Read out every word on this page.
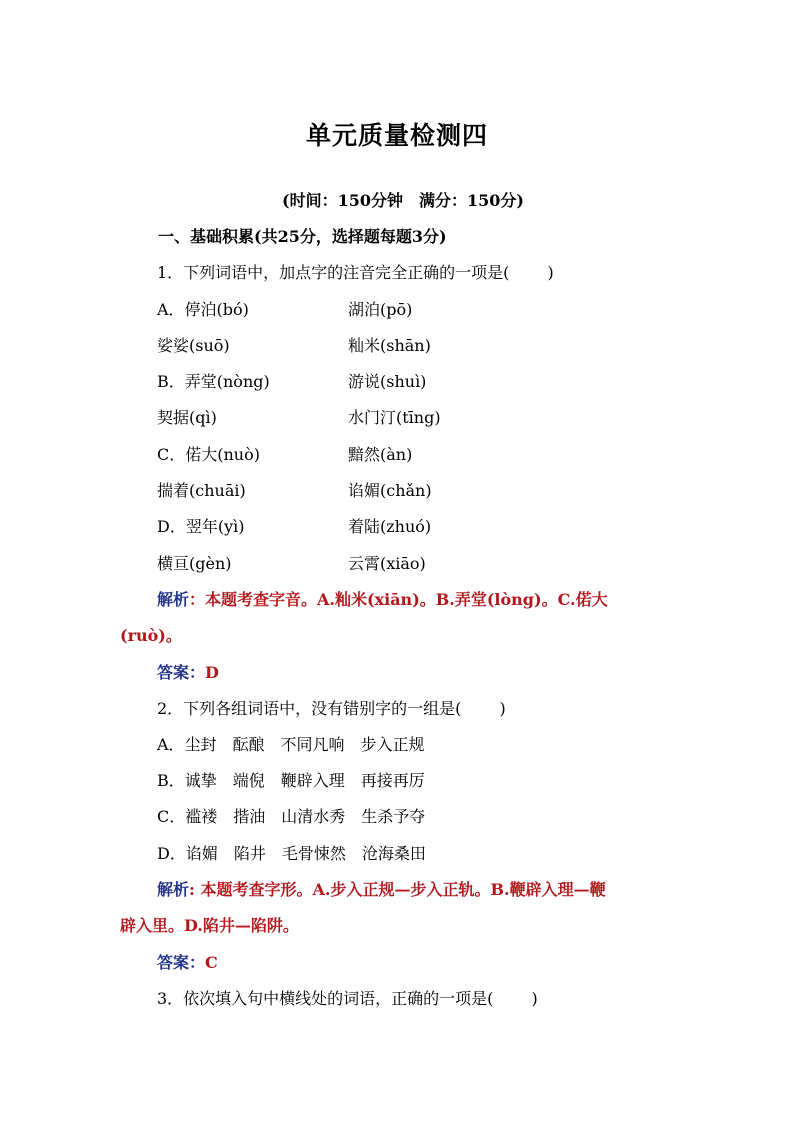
单元质量检测四
(时间：150分钟　满分：150分)
一、基础积累(共25分，选择题每题3分)
1．下列词语中，加点字的注音完全正确的一项是( )
A．停泊(bó)	湖泊(pō)
娑娑(suō)	籼米(shān)
B．弄堂(nòng)	游说(shuì)
契据(qì)	水门汀(tīng)
C．偌大(nuò)	黯然(àn)
揣着(chuāi)	谄媚(chǎn)
D．翌年(yì)	着陆(zhuó)
横亘(gèn)	云霄(xiāo)
解析：本题考查字音。A.籼米(xiān)。B.弄堂(lòng)。C.偌大
(ruò)。
答案：D
2．下列各组词语中，没有错别字的一组是( )
A．尘封　酝酿　不同凡响　步入正规
B．诚挚　端倪　鞭辟入理　再接再厉
C．褴褛　揩油　山清水秀　生杀予夺
D．谄媚　陷井　毛骨悚然　沧海桑田
解析: 本题考查字形。A.步入正规—步入正轨。B.鞭辟入理—鞭
辟入里。D.陷井—陷阱。
答案：C
3．依次填入句中横线处的词语，正确的一项是( )
